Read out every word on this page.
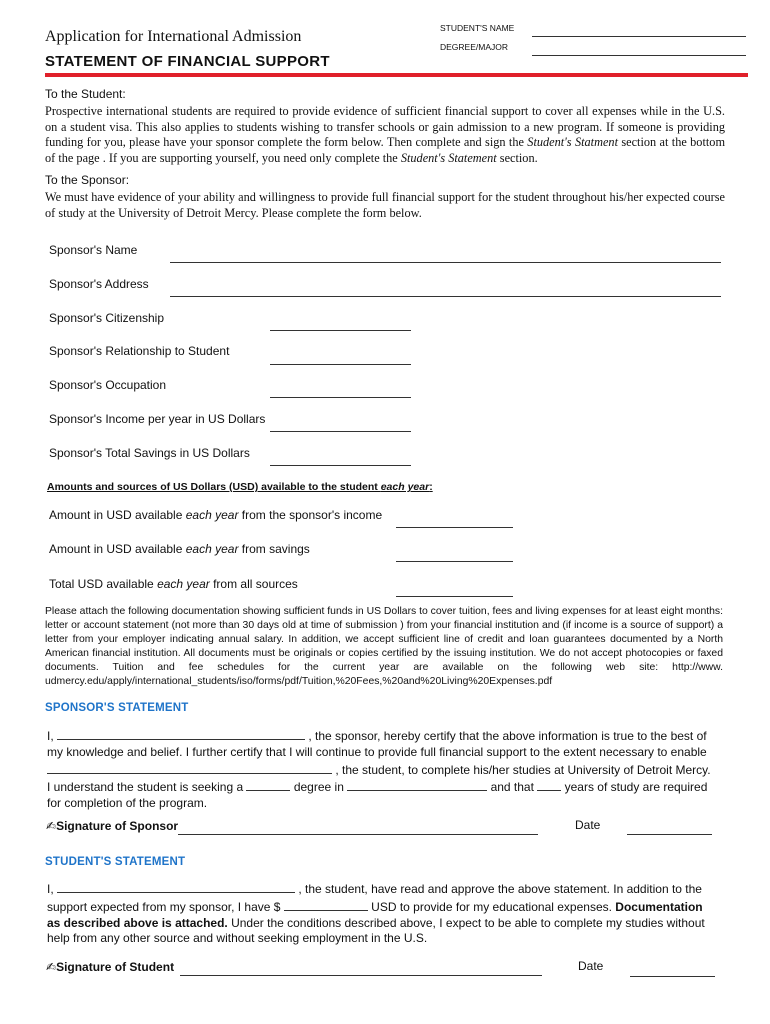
Application for International Admission
STATEMENT OF FINANCIAL SUPPORT
STUDENT'S NAME
DEGREE/MAJOR
To the Student:
Prospective international students are required to provide evidence of sufficient financial support to cover all expenses while in the U.S. on a student visa. This also applies to students wishing to transfer schools or gain admission to a new program. If someone is providing funding for you, please have your sponsor complete the form below. Then complete and sign the Student's Statment section at the bottom of the page . If you are supporting yourself, you need only complete the Student's Statement section.
To the Sponsor:
We must have evidence of your ability and willingness to provide full financial support for the student throughout his/her expected course of study at the University of Detroit Mercy. Please complete the form below.
Sponsor's Name
Sponsor's Address
Sponsor's Citizenship
Sponsor's Relationship to Student
Sponsor's Occupation
Sponsor's Income per year in US Dollars
Sponsor's Total Savings in US Dollars
Amounts and sources of US Dollars (USD) available to the student each year:
Amount in USD available each year from the sponsor's income
Amount in USD available each year from savings
Total USD available each year from all sources
Please attach the following documentation showing sufficient funds in US Dollars to cover tuition, fees and living expenses for at least eight months: letter or account statement (not more than 30 days old at time of submission ) from your financial institution and (if income is a source of support) a letter from your employer indicating annual salary. In addition, we accept sufficient line of credit and loan guarantees documented by a North American financial institution. All documents must be originals or copies certified by the issuing institution. We do not accept photocopies or faxed documents. Tuition and fee schedules for the current year are available on the following web site: http://www. udmercy.edu/apply/international_students/iso/forms/pdf/Tuition,%20Fees,%20and%20Living%20Expenses.pdf
SPONSOR'S STATEMENT
I,	, the sponsor, hereby certify that the above information is true to the best of
my knowledge and belief. I further certify that I will continue to provide full financial support to the extent necessary to enable
, the student, to complete his/her studies at University of Detroit Mercy.
I understand the student is seeking a	degree in	and that	years of study are required
for completion of the program.
✍Signature of Sponsor	Date
STUDENT'S STATEMENT
I,	, the student, have read and approve the above statement. In addition to the
support expected from my sponsor, I have $	USD to provide for my educational expenses. Documentation
as described above is attached. Under the conditions described above, I expect to be able to complete my studies without
help from any other source and without seeking employment in the U.S.
✍Signature of Student	Date
